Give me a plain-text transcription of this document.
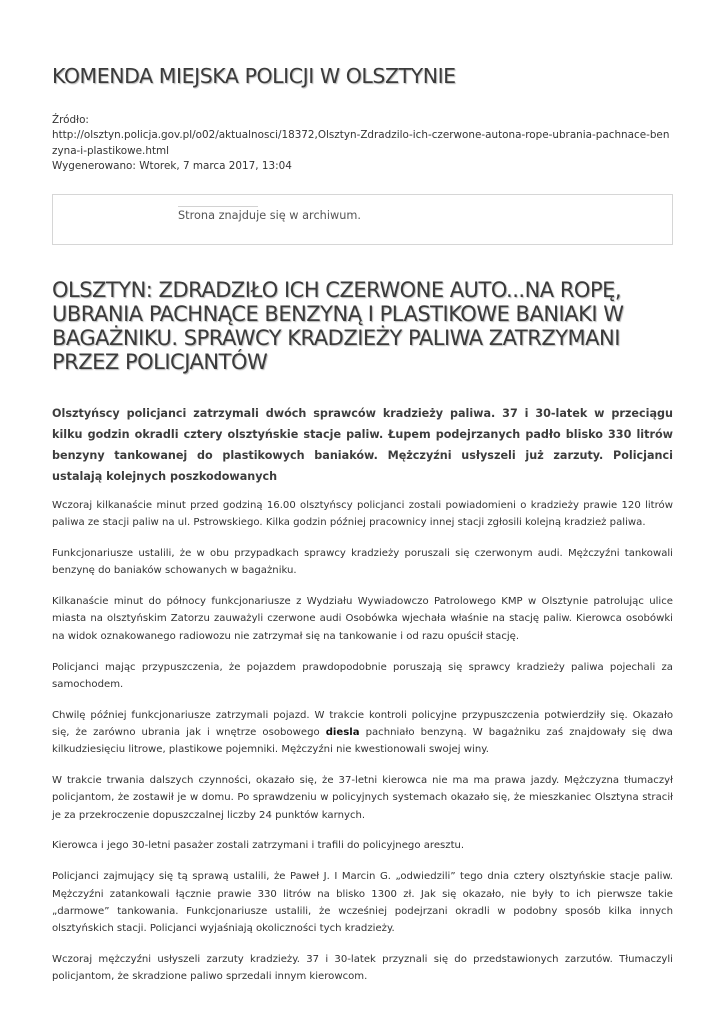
KOMENDA MIEJSKA POLICJI W OLSZTYNIE
Źródło:
http://olsztyn.policja.gov.pl/o02/aktualnosci/18372,Olsztyn-Zdradzilo-ich-czerwone-autona-rope-ubrania-pachnace-benzyna-i-plastikowe.html
Wygenerowano: Wtorek, 7 marca 2017, 13:04
Strona znajduje się w archiwum.
OLSZTYN: ZDRADZIŁO ICH CZERWONE AUTO...NA ROPĘ, UBRANIA PACHNĄCE BENZYNĄ I PLASTIKOWE BANIAKI W BAGAŻNIKU. SPRAWCY KRADZIEŻY PALIWA ZATRZYMANI PRZEZ POLICJANTÓW

Olsztyńscy policjanci zatrzymali dwóch sprawców kradzieży paliwa. 37 i 30-latek w przeciągu kilku godzin okradli cztery olsztyńskie stacje paliw. Łupem podejrzanych padło blisko 330 litrów benzyny tankowanej do plastikowych baniaków. Mężczyźni usłyszeli już zarzuty. Policjanci ustalają kolejnych poszkodowanych

Wczoraj kilkanaście minut przed godziną 16.00 olsztyńscy policjanci zostali powiadomieni o kradzieży prawie 120 litrów paliwa ze stacji paliw na ul. Pstrowskiego. Kilka godzin później pracownicy innej stacji zgłosili kolejną kradzież paliwa.

Funkcjonariusze ustalili, że w obu przypadkach sprawcy kradzieży poruszali się czerwonym audi. Mężczyźni tankowali benzynę do baniaków schowanych w bagażniku.

Kilkanaście minut do północy funkcjonariusze z Wydziału Wywiadowczo Patrolowego KMP w Olsztynie patrolując ulice miasta na olsztyńskim Zatorzu zauważyli czerwone audi Osobówka wjechała właśnie na stację paliw. Kierowca osobówki na widok oznakowanego radiowozu nie zatrzymał się na tankowanie i od razu opuścił stację.

Policjanci mając przypuszczenia, że pojazdem prawdopodobnie poruszają się sprawcy kradzieży paliwa pojechali za samochodem.

Chwilę później funkcjonariusze zatrzymali pojazd. W trakcie kontroli policyjne przypuszczenia potwierdziły się. Okazało się, że zarówno ubrania jak i wnętrze osobowego diesla pachniało benzyną. W bagażniku zaś znajdowały się dwa kilkudziesięciu litrowe, plastikowe pojemniki. Mężczyźni nie kwestionowali swojej winy.

W trakcie trwania dalszych czynności, okazało się, że 37-letni kierowca nie ma ma prawa jazdy. Mężczyzna tłumaczył policjantom, że zostawił je w domu. Po sprawdzeniu w policyjnych systemach okazało się, że mieszkaniec Olsztyna stracił je za przekroczenie dopuszczalnej liczby 24 punktów karnych.

Kierowca i jego 30-letni pasażer zostali zatrzymani i trafili do policyjnego aresztu.

Policjanci zajmujący się tą sprawą ustalili, że Paweł J. I Marcin G. „odwiedzili” tego dnia cztery olsztyńskie stacje paliw. Mężczyźni zatankowali łącznie prawie 330 litrów na blisko 1300 zł. Jak się okazało, nie były to ich pierwsze takie „darmowe” tankowania. Funkcjonariusze ustalili, że wcześniej podejrzani okradli w podobny sposób kilka innych olsztyńskich stacji. Policjanci wyjaśniają okoliczności tych kradzieży.

Wczoraj mężczyźni usłyszeli zarzuty kradzieży. 37 i 30-latek przyznali się do przedstawionych zarzutów. Tłumaczyli policjantom, że skradzione paliwo sprzedali innym kierowcom.
